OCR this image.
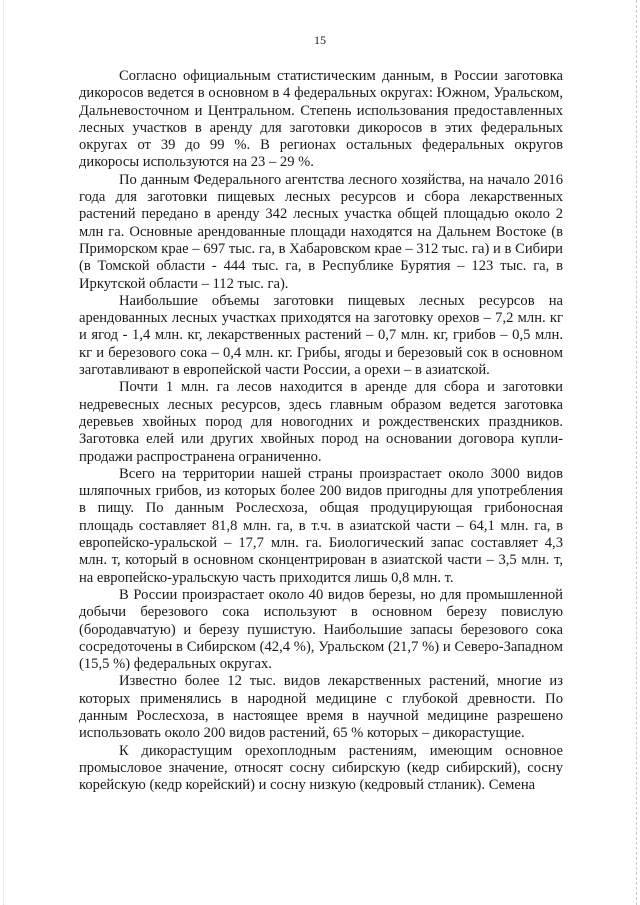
15

Согласно официальным статистическим данным, в России заготовка дикоросов ведется в основном в 4 федеральных округах: Южном, Уральском, Дальневосточном и Центральном. Степень использования предоставленных лесных участков в аренду для заготовки дикоросов в этих федеральных округах от 39 до 99 %. В регионах остальных федеральных округов дикоросы используются на 23 – 29 %.

По данным Федерального агентства лесного хозяйства, на начало 2016 года для заготовки пищевых лесных ресурсов и сбора лекарственных растений передано в аренду 342 лесных участка общей площадью около 2 млн га. Основные арендованные площади находятся на Дальнем Востоке (в Приморском крае – 697 тыс. га, в Хабаровском крае – 312 тыс. га) и в Сибири (в Томской области - 444 тыс. га, в Республике Бурятия – 123 тыс. га, в Иркутской области – 112 тыс. га).

Наибольшие объемы заготовки пищевых лесных ресурсов на арендованных лесных участках приходятся на заготовку орехов – 7,2 млн. кг и ягод - 1,4 млн. кг, лекарственных растений – 0,7 млн. кг, грибов – 0,5 млн. кг и березового сока – 0,4 млн. кг. Грибы, ягоды и березовый сок в основном заготавливают в европейской части России, а орехи – в азиатской.

Почти 1 млн. га лесов находится в аренде для сбора и заготовки недревесных лесных ресурсов, здесь главным образом ведется заготовка деревьев хвойных пород для новогодних и рождественских праздников. Заготовка елей или других хвойных пород на основании договора купли-продажи распространена ограниченно.

Всего на территории нашей страны произрастает около 3000 видов шляпочных грибов, из которых более 200 видов пригодны для употребления в пищу. По данным Рослесхоза, общая продуцирующая грибоносная площадь составляет 81,8 млн. га, в т.ч. в азиатской части – 64,1 млн. га, в европейско-уральской – 17,7 млн. га. Биологический запас составляет 4,3 млн. т, который в основном сконцентрирован в азиатской части – 3,5 млн. т, на европейско-уральскую часть приходится лишь 0,8 млн. т.

В России произрастает около 40 видов березы, но для промышленной добычи березового сока используют в основном березу повислую (бородавчатую) и березу пушистую. Наибольшие запасы березового сока сосредоточены в Сибирском (42,4 %), Уральском (21,7 %) и Северо-Западном (15,5 %) федеральных округах.

Известно более 12 тыс. видов лекарственных растений, многие из которых применялись в народной медицине с глубокой древности. По данным Рослесхоза, в настоящее время в научной медицине разрешено использовать около 200 видов растений, 65 % которых – дикорастущие.

К дикорастущим орехоплодным растениям, имеющим основное промысловое значение, относят сосну сибирскую (кедр сибирский), сосну корейскую (кедр корейский) и сосну низкую (кедровый стланик). Семена
